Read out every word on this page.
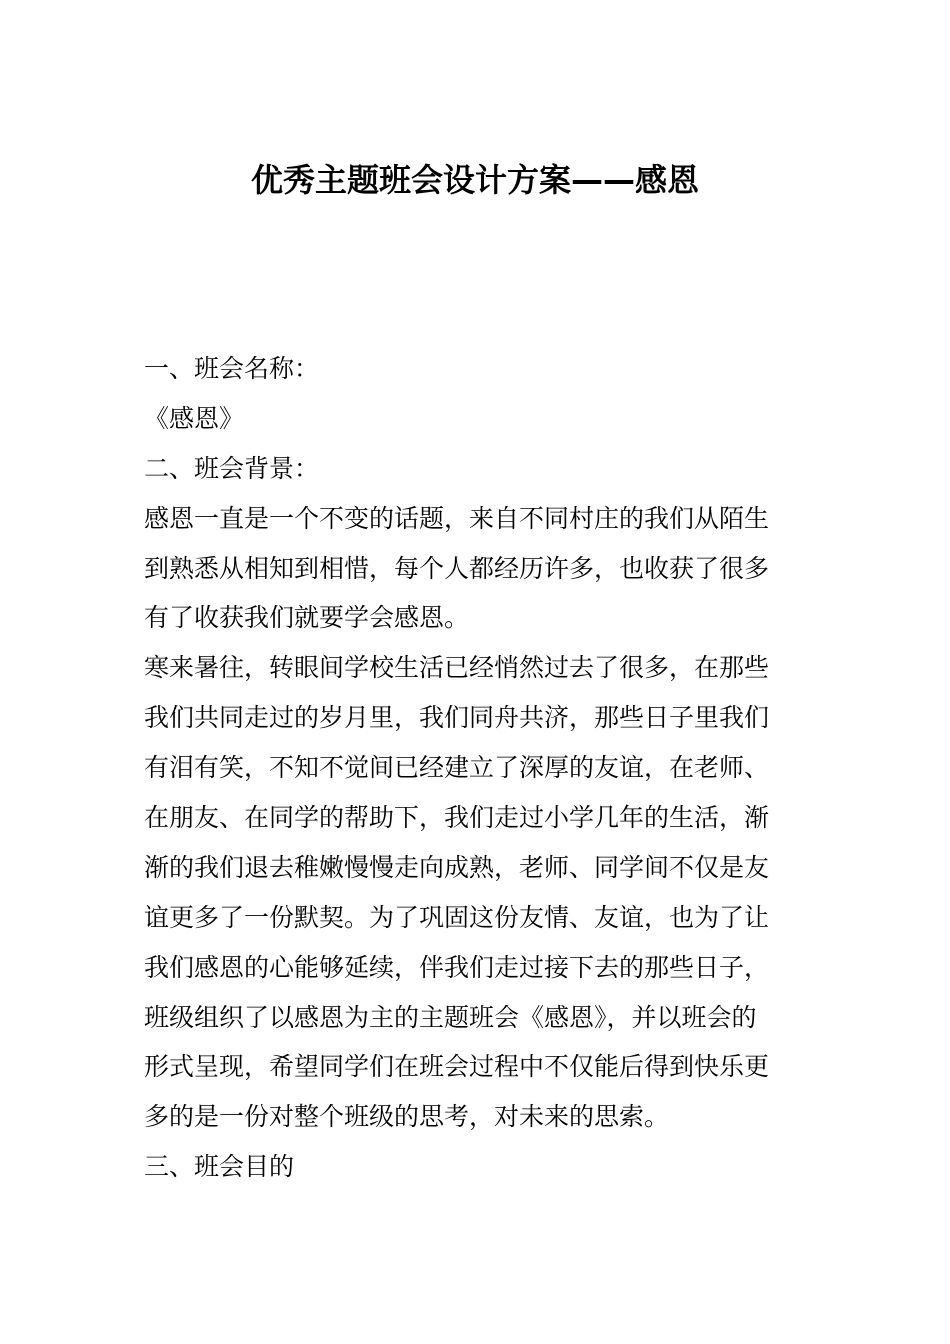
优秀主题班会设计方案——感恩
一、班会名称：
《感恩》
二、班会背景：
感恩一直是一个不变的话题，来自不同村庄的我们从陌生
到熟悉从相知到相惜，每个人都经历许多，也收获了很多
有了收获我们就要学会感恩。
寒来暑往，转眼间学校生活已经悄然过去了很多，在那些
我们共同走过的岁月里，我们同舟共济，那些日子里我们
有泪有笑，不知不觉间已经建立了深厚的友谊，在老师、
在朋友、在同学的帮助下，我们走过小学几年的生活，渐
渐的我们退去稚嫩慢慢走向成熟，老师、同学间不仅是友
谊更多了一份默契。为了巩固这份友情、友谊，也为了让
我们感恩的心能够延续，伴我们走过接下去的那些日子，
班级组织了以感恩为主的主题班会《感恩》，并以班会的
形式呈现，希望同学们在班会过程中不仅能后得到快乐更
多的是一份对整个班级的思考，对未来的思索。
三、班会目的
